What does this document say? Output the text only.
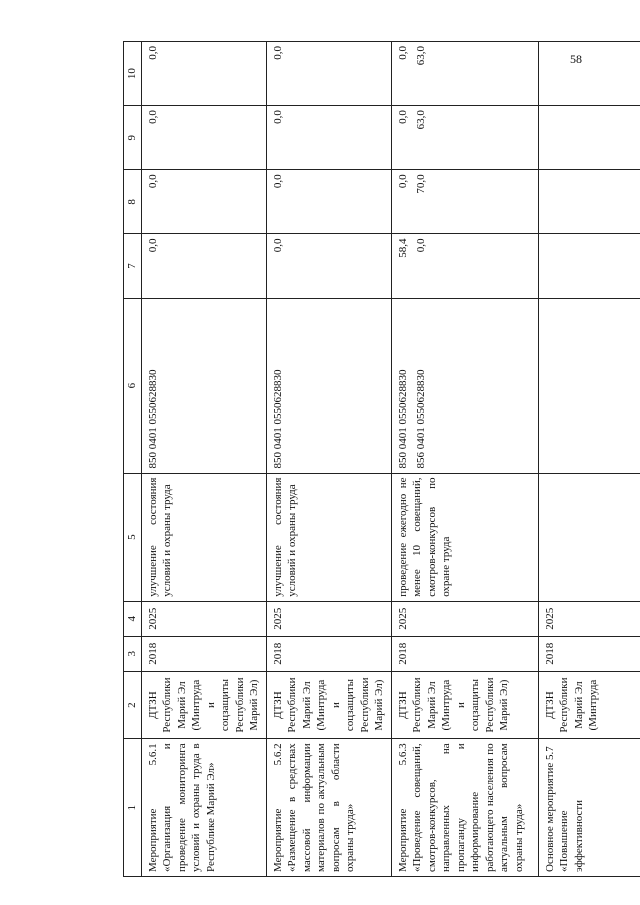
58
1	2	3	4	5	6	7	8	9	10
Мероприятие 5.6.1 «Организация и проведение мониторинга условий и охраны труда в Республике Марий Эл»	ДТЗН Республики Марий Эл (Минтруда и соцзащиты Республики Марий Эл)	2018	2025	улучшение состояния условий и охраны труда	850 0401 0550628830	0,0	0,0	0,0	0,0

Мероприятие 5.6.2 «Размещение в средствах массовой информации материалов по актуальным вопросам в области охраны труда»	ДТЗН Республики Марий Эл (Минтруда и соцзащиты Республики Марий Эл)	2018	2025	улучшение состояния условий и охраны труда	850 0401 0550628830	0,0	0,0	0,0	0,0

Мероприятие 5.6.3 «Проведение совещаний, смотров-конкурсов, направленных на пропаганду и информирование работающего населения по актуальным вопросам охраны труда»	ДТЗН Республики Марий Эл (Минтруда и соцзащиты Республики Марий Эл)	2018	2025	проведение ежегодно не менее 10 совещаний, смотров-конкурсов по охране труда	850 0401 0550628830 856 0401 0550628830	58,4 0,0	0,0 70,0	0,0 63,0	0,0 63,0

Основное мероприятие 5.7 «Повышение эффективности	ДТЗН Республики Марий Эл (Минтруда	2018	2025						
